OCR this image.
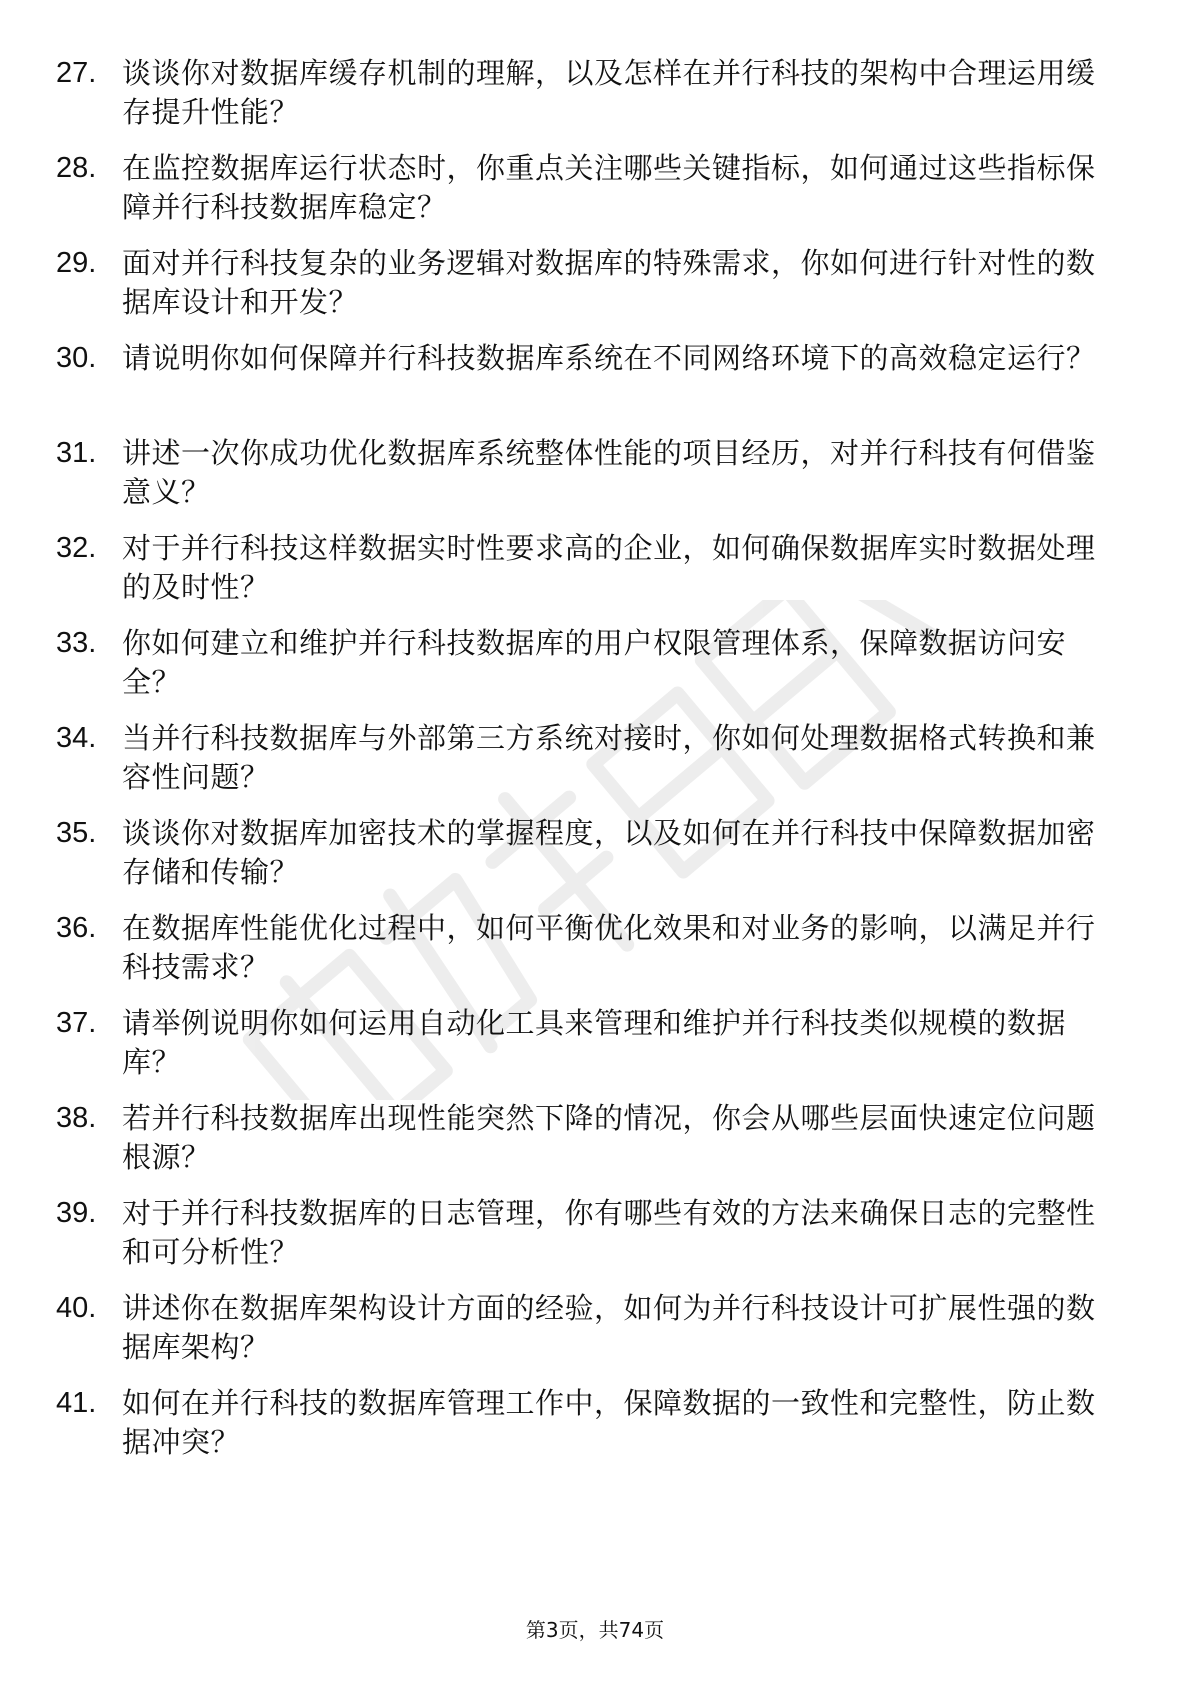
27. 谈谈你对数据库缓存机制的理解，以及怎样在并行科技的架构中合理运用缓存提升性能？
28. 在监控数据库运行状态时，你重点关注哪些关键指标，如何通过这些指标保障并行科技数据库稳定？
29. 面对并行科技复杂的业务逻辑对数据库的特殊需求，你如何进行针对性的数据库设计和开发？
30. 请说明你如何保障并行科技数据库系统在不同网络环境下的高效稳定运行？
31. 讲述一次你成功优化数据库系统整体性能的项目经历，对并行科技有何借鉴意义？
32. 对于并行科技这样数据实时性要求高的企业，如何确保数据库实时数据处理的及时性？
33. 你如何建立和维护并行科技数据库的用户权限管理体系，保障数据访问安全？
34. 当并行科技数据库与外部第三方系统对接时，你如何处理数据格式转换和兼容性问题？
35. 谈谈你对数据库加密技术的掌握程度，以及如何在并行科技中保障数据加密存储和传输？
36. 在数据库性能优化过程中，如何平衡优化效果和对业务的影响，以满足并行科技需求？
37. 请举例说明你如何运用自动化工具来管理和维护并行科技类似规模的数据库？
38. 若并行科技数据库出现性能突然下降的情况，你会从哪些层面快速定位问题根源？
39. 对于并行科技数据库的日志管理，你有哪些有效的方法来确保日志的完整性和可分析性？
40. 讲述你在数据库架构设计方面的经验，如何为并行科技设计可扩展性强的数据库架构？
41. 如何在并行科技的数据库管理工作中，保障数据的一致性和完整性，防止数据冲突？
第3页，共74页
